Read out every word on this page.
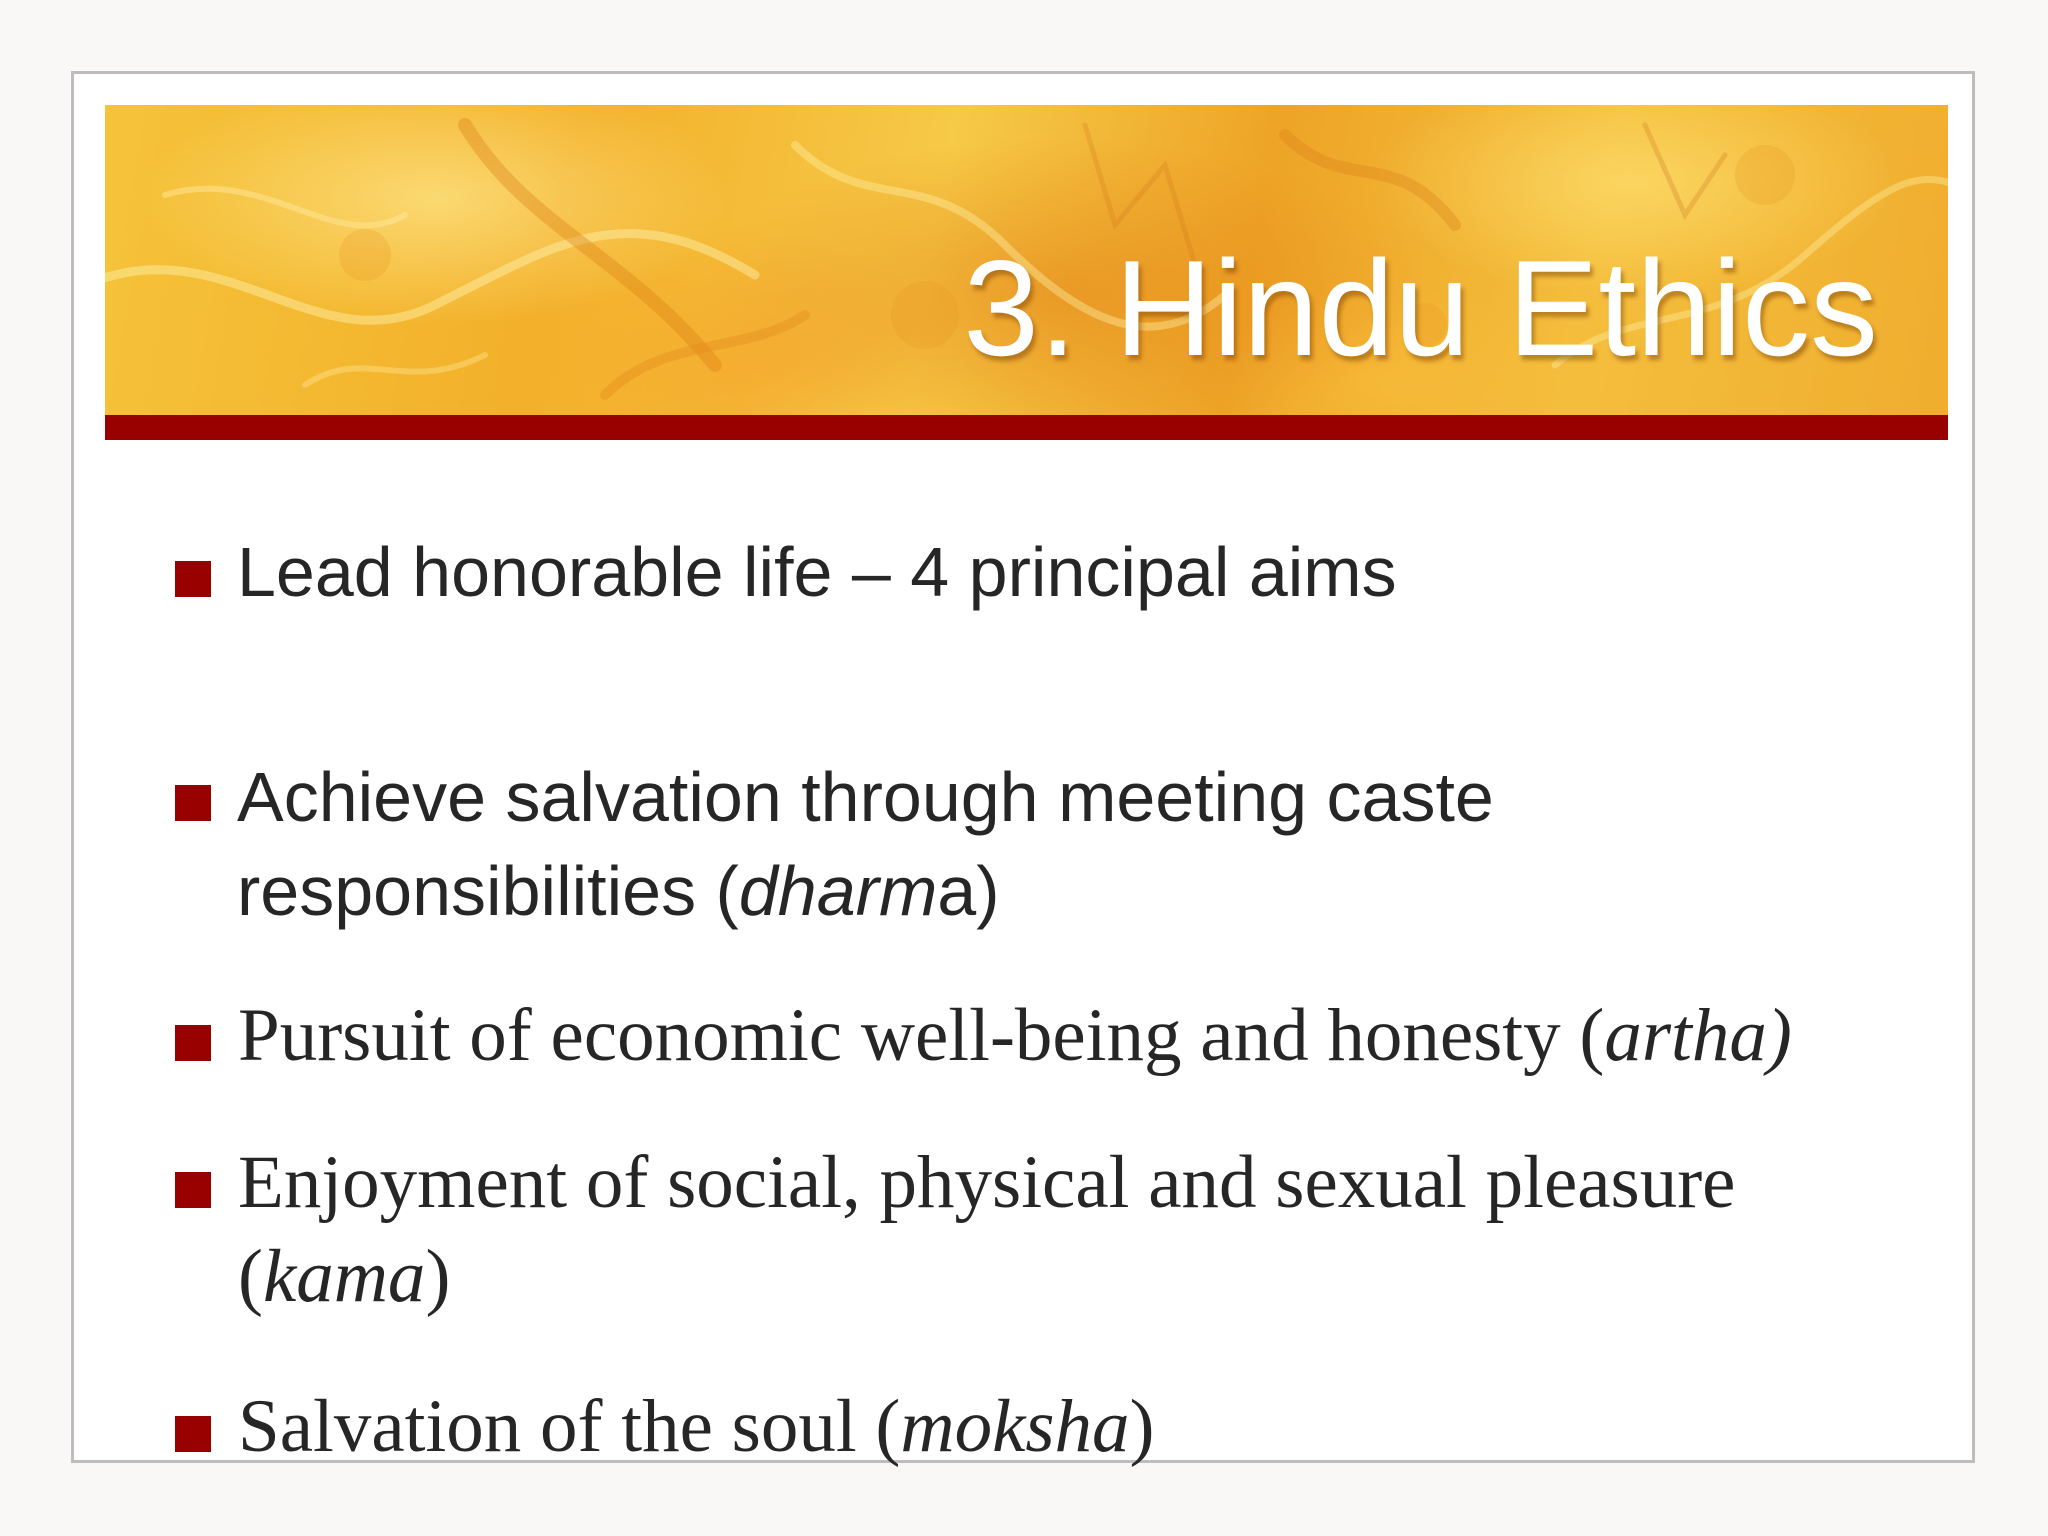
3. Hindu Ethics
Lead honorable life – 4 principal aims
Achieve salvation through meeting caste
responsibilities (dharma)
Pursuit of economic well-being and honesty (artha)
Enjoyment of social, physical and sexual pleasure
(kama)
Salvation of the soul (moksha)
